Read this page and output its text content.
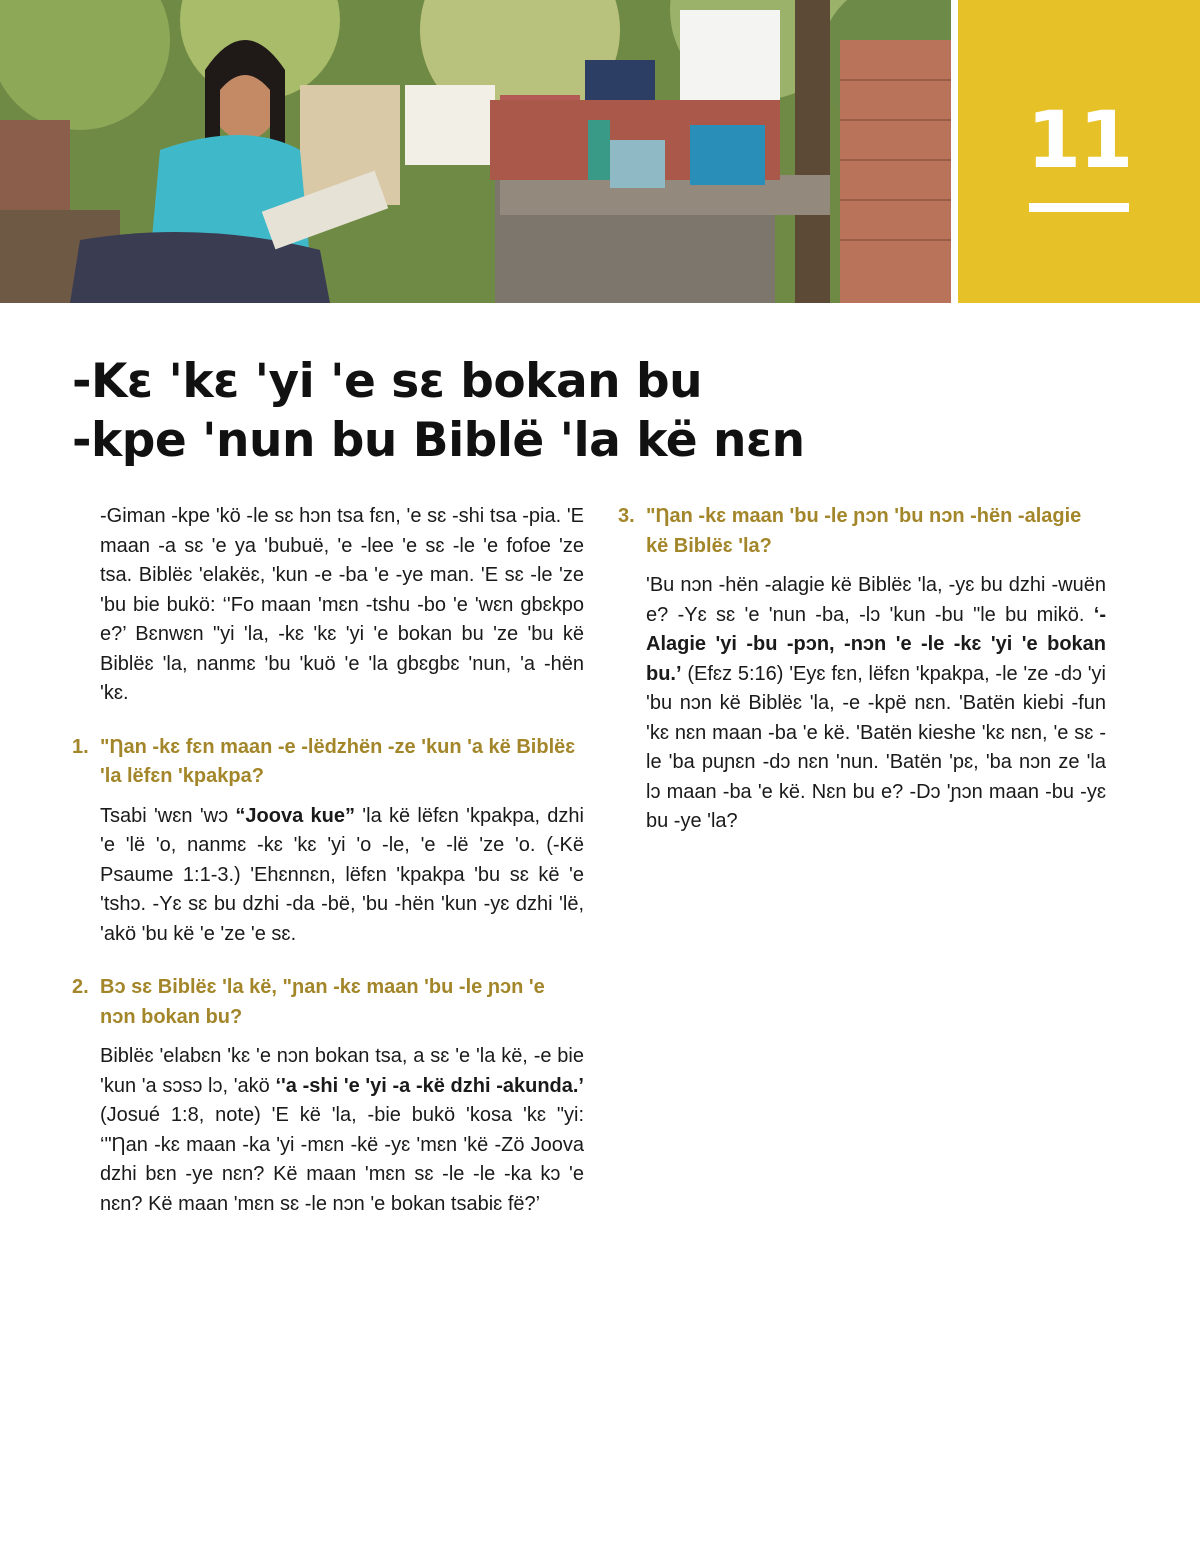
11
-Kɛ 'kɛ 'yi 'e sɛ bokan bu
-kpe 'nun bu Biblë 'la kë nɛn

-Giman -kpe 'kö -le sɛ hɔn tsa fɛn, 'e sɛ -shi tsa -pia. 'E maan -a sɛ 'e ya 'bubuë, 'e -lee 'e sɛ -le 'e fofoe 'ze tsa. Biblëɛ 'elakëɛ, 'kun -e -ba 'e -ye man. 'E sɛ -le 'ze 'bu bie bukö: ‘'Fo maan 'mɛn -tshu -bo 'e 'wɛn gbɛkpo e?’ Bɛnwɛn "yi 'la, -kɛ 'kɛ 'yi 'e bokan bu 'ze 'bu kë Biblëɛ 'la, nanmɛ 'bu 'kuö 'e 'la gbɛgbɛ 'nun, 'a -hën 'kɛ.

1. "Ƞan -kɛ fɛn maan -e -lëdzhën -ze 'kun 'a kë Biblëɛ 'la lëfɛn 'kpakpa?

Tsabi 'wɛn 'wɔ “Joova kue” 'la kë lëfɛn 'kpakpa, dzhi 'e 'lë 'o, nanmɛ -kɛ 'kɛ 'yi 'o -le, 'e -lë 'ze 'o. (-Kë Psaume 1:1-3.) 'Ehɛnnɛn, lëfɛn 'kpakpa 'bu sɛ kë 'e 'tshɔ. -Yɛ sɛ bu dzhi -da -bë, 'bu -hën 'kun -yɛ dzhi 'lë, 'akö 'bu kë 'e 'ze 'e sɛ.

2. Bɔ sɛ Biblëɛ 'la kë, "ɲan -kɛ maan 'bu -le ɲɔn 'e nɔn bokan bu?

Biblëɛ 'elabɛn 'kɛ 'e nɔn bokan tsa, a sɛ 'e 'la kë, -e bie 'kun 'a sɔsɔ lɔ, 'akö ‘'a -shi 'e 'yi -a -kë dzhi -akunda.’ (Josué 1:8, note) 'E kë 'la, -bie bukö 'kosa 'kɛ "yi: ‘"Ƞan -kɛ maan -ka 'yi -mɛn -kë -yɛ 'mɛn 'kë -Zö Joova dzhi bɛn -ye nɛn? Kë maan 'mɛn sɛ -le -le -ka kɔ 'e nɛn? Kë maan 'mɛn sɛ -le nɔn 'e bokan tsabiɛ fë?’

3. "Ƞan -kɛ maan 'bu -le ɲɔn 'bu nɔn -hën -alagie kë Biblëɛ 'la?

'Bu nɔn -hën -alagie kë Biblëɛ 'la, -yɛ bu dzhi -wuën e? -Yɛ sɛ 'e 'nun -ba, -lɔ 'kun -bu "le bu mikö. ‘-Alagie 'yi -bu -pɔn, -nɔn 'e -le -kɛ 'yi 'e bokan bu.’ (Efɛz 5:16) 'Eyɛ fɛn, lëfɛn 'kpakpa, -le 'ze -dɔ 'yi 'bu nɔn kë Biblëɛ 'la, -e -kpë nɛn. 'Batën kiebi -fun 'kɛ nɛn maan -ba 'e kë. 'Batën kieshe 'kɛ nɛn, 'e sɛ -le 'ba puɲɛn -dɔ nɛn 'nun. 'Batën 'pɛ, 'ba nɔn ze 'la lɔ maan -ba 'e kë. Nɛn bu e? -Dɔ 'ɲɔn maan -bu -yɛ bu -ye 'la?
